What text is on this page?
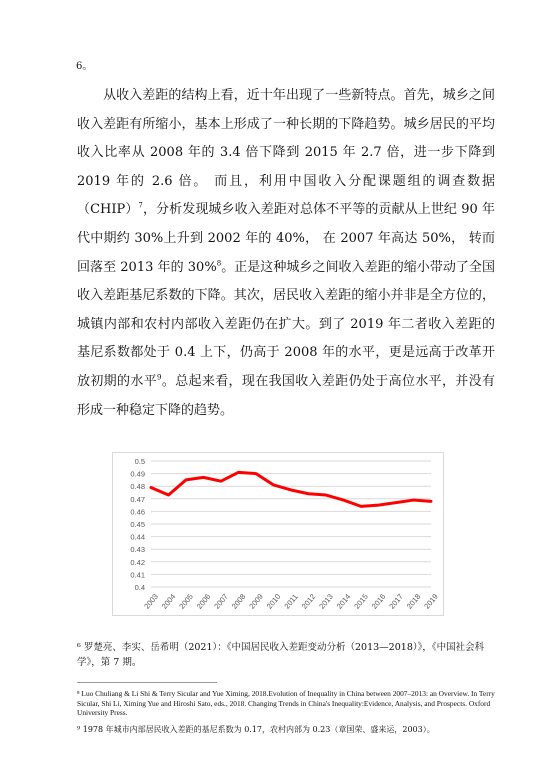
6。

从收入差距的结构上看，近十年出现了一些新特点。首先，城乡之间收入差距有所缩小，基本上形成了一种长期的下降趋势。城乡居民的平均收入比率从 2008 年的 3.4 倍下降到 2015 年 2.7 倍，进一步下降到 2019 年的 2.6 倍。 而且，利用中国收入分配课题组的调查数据（CHIP）$^7$，分析发现城乡收入差距对总体不平等的贡献从上世纪 90 年代中期约 30%上升到 2002 年的 40%， 在 2007 年高达 50%， 转而回落至 2013 年的 30%$^8$。正是这种城乡之间收入差距的缩小带动了全国收入差距基尼系数的下降。其次，居民收入差距的缩小并非是全方位的，城镇内部和农村内部收入差距仍在扩大。到了 2019 年二者收入差距的基尼系数都处于 0.4 上下，仍高于 2008 年的水平，更是远高于改革开放初期的水平$^9$。总起来看，现在我国收入差距仍处于高位水平，并没有形成一种稳定下降的趋势。

0.5
0.49
0.48
0.47
0.46
0.45
0.44
0.43
0.42
0.41
0.4
2003 2004 2005 2006 2007 2008 2009 2010 2011 2012 2013 2014 2015 2016 2017 2018 2019
⁶ 罗楚亮、李实、岳希明（2021）：《中国居民收入差距变动分析（2013—2018）》，《中国社会科学》，第 7 期。
⁸ Luo Chuliang & Li Shi & Terry Sicular and Yue Ximing, 2018.Evolution of Inequality in China between 2007–2013: an Overview. In Terry Sicular, Shi Li, Ximing Yue and Hiroshi Sato, eds., 2018. Changing Trends in China's Inequality:Evidence, Analysis, and Prospects. Oxford University Press.
⁹ 1978 年城市内部居民收入差距的基尼系数为 0.17，农村内部为 0.23（章国荣、盛来运，2003）。
